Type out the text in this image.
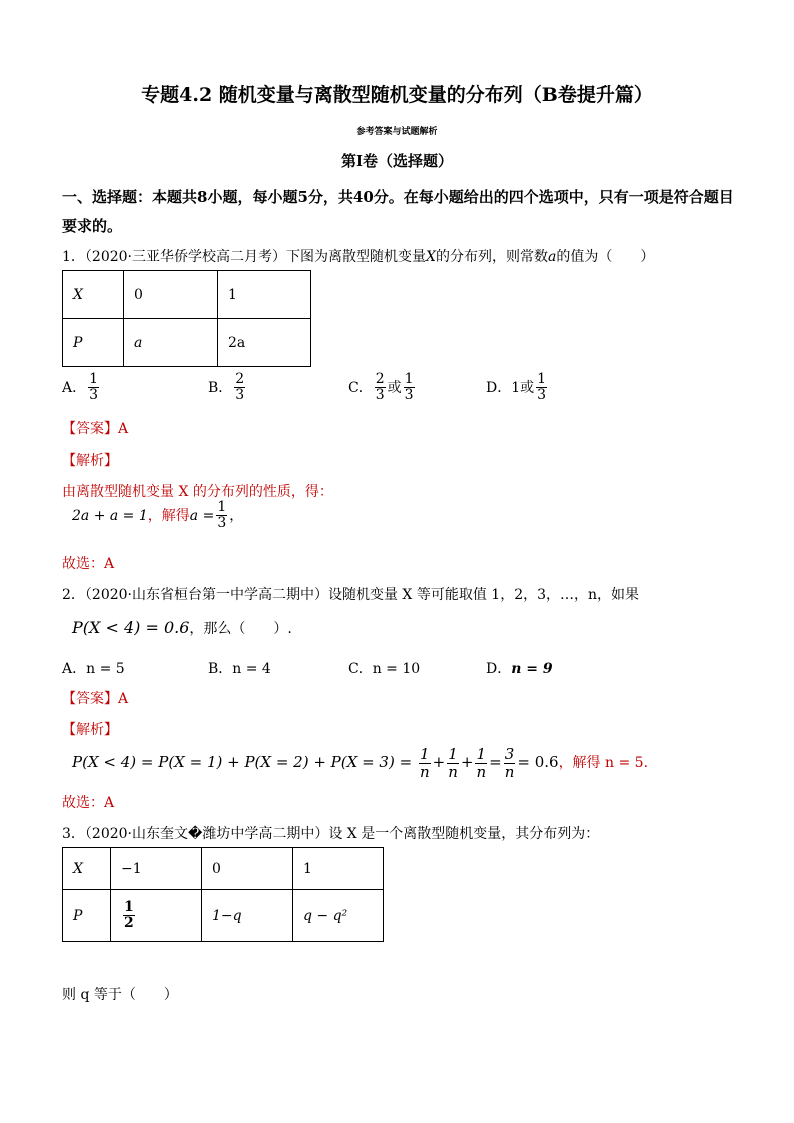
专题4.2 随机变量与离散型随机变量的分布列（B卷提升篇）
参考答案与试题解析
第Ⅰ卷（选择题）
一、选择题：本题共8小题，每小题5分，共40分。在每小题给出的四个选项中，只有一项是符合题目要求的。
1．（2020·三亚华侨学校高二月考）下图为离散型随机变量X的分布列，则常数a的值为（　　）
X	0	1
P	a	2a
A． $\frac{1}{3}$	B． $\frac{2}{3}$	C． $\frac{2}{3}$ 或 $\frac{1}{3}$	D．1或 $\frac{1}{3}$
【答案】A
【解析】
由离散型随机变量 X 的分布列的性质，得：
2a + a = 1，解得$a = \frac{1}{3}$ ，
故选：A
2．（2020·山东省桓台第一中学高二期中）设随机变量 X 等可能取值 1，2，3，…，n，如果
P(X < 4) = 0.6，那么（　　）.
A．n = 5	B．n = 4	C．n = 10	D．n = 9
【答案】A
【解析】
$P(X < 4) = P(X = 1) + P(X = 2) + P(X = 3) = \frac{1}{n} + \frac{1}{n} + \frac{1}{n} = \frac{3}{n} = 0.6$，解得 n = 5.
故选：A
3．（2020·山东奎文�潍坊中学高二期中）设 X 是一个离散型随机变量，其分布列为：
X	−1	0	1
P	$\frac{1}{2}$	1−q	q − q²
则 q 等于（　　）
